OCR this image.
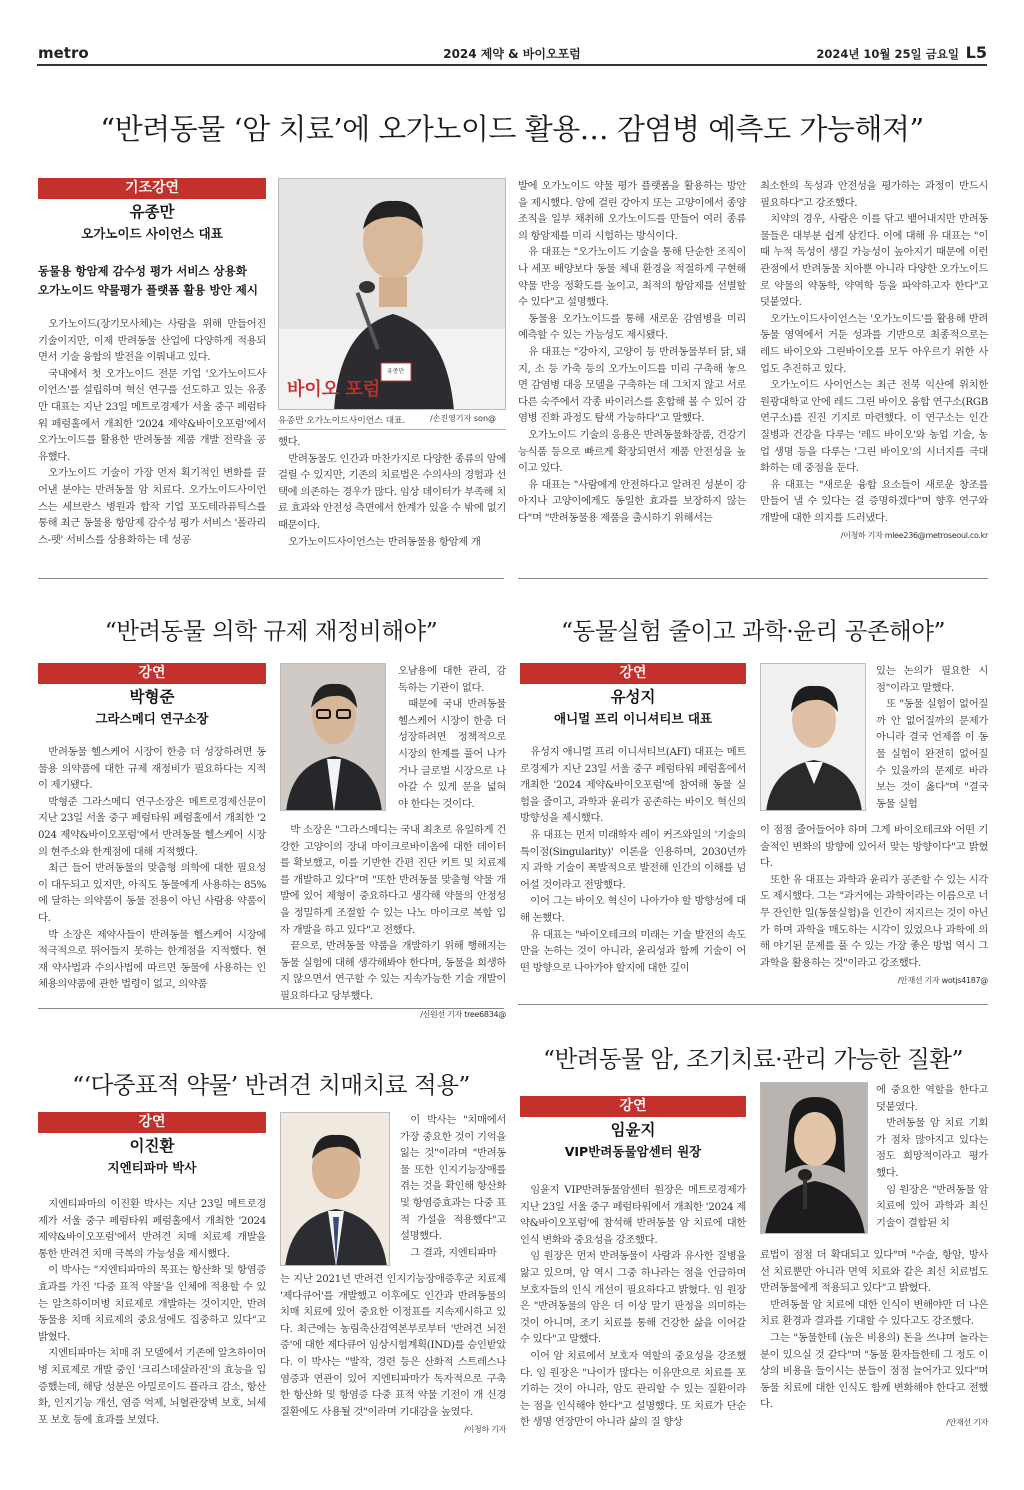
metro	2024 제약 & 바이오포럼	2024년 10월 25일 금요일 L5
“반려동물 ‘암 치료’에 오가노이드 활용… 감염병 예측도 가능해져”
기조강연
유종만
오가노이드 사이언스 대표
동물용 항암제 감수성 평가 서비스 상용화
오가노이드 약물평가 플랫폼 활용 방안 제시

오가노이드(장기모사체)는 사람을 위해 만들어진 기술이지만, 이제 반려동물 산업에 다양하게 적용되면서 기술 융합의 발전을 이뤄내고 있다.

국내에서 첫 오가노이드 전문 기업 '오가노이드사이언스'를 설립하며 혁신 연구를 선도하고 있는 유종만 대표는 지난 23일 메트로경제가 서울 중구 페럼타워 페럼홀에서 개최한 '2024 제약&바이오포럼'에서 오가노이드를 활용한 반려동물 제품 개발 전략을 공유했다.

오가노이드 기술이 가장 먼저 획기적인 변화를 끌어낸 분야는 반려동물 암 치료다. 오가노이드사이언스는 세브란스 병원과 합작 기업 포도테라퓨틱스를 통해 최근 동물용 항암제 감수성 평가 서비스 '폴라리스-펫' 서비스를 상용화하는 데 성공

유종만
바이오 포럼
유종만 오가노이드사이언스 대표.	/손진영기자 son@

했다.

반려동물도 인간과 마찬가지로 다양한 종류의 암에 걸릴 수 있지만, 기존의 치료법은 수의사의 경험과 선택에 의존하는 경우가 많다. 임상 데이터가 부족해 치료 효과와 안전성 측면에서 한계가 있을 수 밖에 없기 때문이다.

오가노이드사이언스는 반려동물용 항암제 개

발에 오가노이드 약물 평가 플랫폼을 활용하는 방안을 제시했다. 암에 걸린 강아지 또는 고양이에서 종양 조직을 일부 채취해 오가노이드를 만들어 여러 종류의 항암제를 미리 시험하는 방식이다.

유 대표는 "오가노이드 기술을 통해 단순한 조직이나 세포 배양보다 동물 체내 환경을 적절하게 구현해 약물 반응 정확도를 높이고, 최적의 항암제를 선별할 수 있다"고 설명했다.

동물용 오가노이드를 통해 새로운 감염병을 미리 예측할 수 있는 가능성도 제시됐다.

유 대표는 "강아지, 고양이 등 반려동물부터 닭, 돼지, 소 등 가축 등의 오가노이드를 미리 구축해 놓으면 감염병 대응 모델을 구축하는 데 그치지 않고 서로 다른 숙주에서 각종 바이러스를 혼합해 볼 수 있어 감염병 진화 과정도 탐색 가능하다"고 말했다.

오가노이드 기술의 응용은 반려동물화장품, 건강기능식품 등으로 빠르게 확장되면서 제품 안전성을 높이고 있다.

유 대표는 "사람에게 안전하다고 알려진 성분이 강아지나 고양이에게도 동일한 효과를 보장하지 않는다"며 "반려동물용 제품을 출시하기 위해서는

최소한의 독성과 안전성을 평가하는 과정이 반드시 필요하다"고 강조했다.

치약의 경우, 사람은 이를 닦고 뱉어내지만 반려동물들은 대부분 쉽게 삼킨다. 이에 대해 유 대표는 "이때 누적 독성이 생길 가능성이 높아지기 때문에 이런 관점에서 반려동물 치아뿐 아니라 다양한 오가노이드로 약물의 약동학, 약역학 등을 파악하고자 한다"고 덧붙였다.

오가노이드사이언스는 '오가노이드'를 활용해 반려동물 영역에서 거둔 성과를 기반으로 최종적으로는 레드 바이오와 그린바이오를 모두 아우르기 위한 사업도 추진하고 있다.

오가노이드 사이언스는 최근 전북 익산에 위치한 원광대학교 안에 레드 그린 바이오 융합 연구소(RGB 연구소)를 진진 기지로 마련했다. 이 연구소는 인간 질병과 건강을 다루는 '레드 바이오'와 농업 기술, 농업 생명 등을 다루는 '그린 바이오'의 시너지를 극대화하는 데 중점을 둔다.

유 대표는 "새로운 융합 요소들이 새로운 창조를 만들어 낼 수 있다는 걸 증명하겠다"며 향후 연구와 개발에 대한 의지를 드러냈다.

/이청하 기자 mlee236@metroseoul.co.kr
“반려동물 의학 규제 재정비해야”
강연
박형준
그라스메디 연구소장

반려동물 헬스케어 시장이 한층 더 성장하려면 동물용 의약품에 대한 규제 재정비가 필요하다는 지적이 제기됐다.

박형준 그라스메디 연구소장은 메트로경제신문이 지난 23일 서울 중구 페럼타워 페럼홀에서 개최한 '2024 제약&바이오포럼'에서 반려동물 헬스케어 시장의 현주소와 한계점에 대해 지적했다.

최근 들어 반려동물의 맞춤형 의학에 대한 필요성이 대두되고 있지만, 아직도 동물에게 사용하는 85%에 달하는 의약품이 동물 전용이 아닌 사람용 약품이다.

박 소장은 제약사들이 반려동물 헬스케어 시장에 적극적으로 뛰어들지 못하는 한계점을 지적했다. 현재 약사법과 수의사법에 따르면 동물에 사용하는 인체용의약품에 관한 법령이 없고, 의약품

오남용에 대한 관리, 감독하는 기관이 없다.

때문에 국내 반려동물 헬스케어 시장이 한층 더 성장하려면 정책적으로 시장의 한계를 풀어 나가거나 글로벌 시장으로 나아갈 수 있게 문을 넓혀야 한다는 것이다.

박 소장은 "그라스메디는 국내 최초로 유일하게 건강한 고양이의 장내 마이크로바이옴에 대한 데이터를 확보했고, 이를 기반한 간편 진단 키트 및 치료제를 개발하고 있다"며 "또한 반려동물 맞춤형 약물 개발에 있어 제형이 중요하다고 생각해 약물의 안정성을 정밀하게 조절할 수 있는 나노 마이크로 복합 입자 개발을 하고 있다"고 전했다.

끝으로, 반려동물 약품을 개발하기 위해 행해지는 동물 실험에 대해 생각해봐야 한다며, 동물을 희생하지 않으면서 연구할 수 있는 지속가능한 기술 개발이 필요하다고 당부했다.

/신원선 기자 tree6834@
“동물실험 줄이고 과학·윤리 공존해야”
강연
유성지
애니멀 프리 이니셔티브 대표

유성지 애니멀 프리 이니셔티브(AFI) 대표는 메트로경제가 지난 23일 서울 중구 페럼타워 페럼홀에서 개최한 '2024 제약&바이오포럼'에 참여해 동물 실험을 줄이고, 과학과 윤리가 공존하는 바이오 혁신의 방향성을 제시했다.

유 대표는 먼저 미래학자 레이 커즈와일의 '기술의 특이점(Singularity)' 이론을 인용하며, 2030년까지 과학 기술이 폭발적으로 발전해 인간의 이해를 넘어설 것이라고 전망했다.

이어 그는 바이오 혁신이 나아가야 할 방향성에 대해 논했다.

유 대표는 "바이오테크의 미래는 기술 발전의 속도만을 논하는 것이 아니라, 윤리성과 함께 기술이 어떤 방향으로 나아가야 할지에 대한 깊이

있는 논의가 필요한 시점"이라고 말했다.

또 "동물 실험이 없어질까 안 없어질까의 문제가 아니라 결국 언제쯤 이 동물 실험이 완전히 없어질 수 있을까의 문제로 바라보는 것이 옳다"며 "결국 동물 실험

이 점점 줄어들어야 하며 그게 바이오테크와 어떤 기술적인 변화의 방향에 있어서 맞는 방향이다"고 밝혔다.

또한 유 대표는 과학과 윤리가 공존할 수 있는 시각도 제시했다. 그는 "과거에는 과학이라는 이름으로 너무 잔인한 일(동물실험)을 인간이 저지르는 것이 아닌가 하며 과학을 매도하는 시각이 있었으나 과학에 의해 야기된 문제를 풀 수 있는 가장 좋은 방법 역시 그 과학을 활용하는 것"이라고 강조했다.

/안재선 기자 wotjs4187@
“‘다중표적 약물’ 반려견 치매치료 적용”
강연
이진환
지엔티파마 박사

지엔티파마의 이진환 박사는 지난 23일 메트로경제가 서울 중구 페럼타워 페럼홀에서 개최한 '2024 제약&바이오포럼'에서 반려견 치매 치료제 개발을 통한 반려견 치매 극복의 가능성을 제시했다.

이 박사는 "지엔티파마의 목표는 항산화 및 항염증 효과를 가진 '다중 표적 약물'을 인체에 적용할 수 있는 알츠하이머병 치료제로 개발하는 것이지만, 반려동물용 치매 치료제의 중요성에도 집중하고 있다"고 밝혔다.

지엔티파마는 치매 쥐 모델에서 기존에 알츠하이머병 치료제로 개발 중인 '크리스데살라진'의 효능을 입증했는데, 해당 성분은 아밀로이드 플라크 감소, 항산화, 인지기능 개선, 염증 억제, 뇌혈관장벽 보호, 뇌세포 보호 등에 효과를 보였다.

이 박사는 "치매에서 가장 중요한 것이 기억을 잃는 것"이라며 "반려동물 또한 인지기능장애를 겪는 것을 확인해 항산화 및 항염증효과는 다중 표적 가설을 적용했다"고 설명했다.

그 결과, 지엔티파마

는 지난 2021년 반려견 인지기능장애증후군 치료제 '제다큐어'를 개발했고 이후에도 인간과 반려동물의 치매 치료에 있어 중요한 이정표를 지속제시하고 있다. 최근에는 농림축산검역본부로부터 '반려견 뇌전증'에 대한 제다큐어 임상시험계획(IND)를 승인받았다. 이 박사는 "발작, 경련 등은 산화적 스트레스나 염증과 연관이 있어 지엔티파마가 독자적으로 구축한 항산화 및 항염증 다중 표적 약물 기전이 개 신경질환에도 사용될 것"이라며 기대감을 높였다.

/이청하 기자
“반려동물 암, 조기치료·관리 가능한 질환”
강연
임윤지
VIP반려동물암센터 원장

임윤지 VIP반려동물암센터 원장은 메트로경제가 지난 23일 서울 중구 페럼타워에서 개최한 '2024 제약&바이오포럼'에 참석해 반려동물 암 치료에 대한 인식 변화와 중요성을 강조했다.

임 원장은 먼저 반려동물이 사람과 유사한 질병을 앓고 있으며, 암 역시 그중 하나라는 점을 언급하며 보호자들의 인식 개선이 필요하다고 밝혔다. 임 원장은 "반려동물의 암은 더 이상 말기 판정을 의미하는 것이 아니며, 조기 치료를 통해 건강한 삶을 이어갈 수 있다"고 말했다.

이어 암 치료에서 보호자 역할의 중요성을 강조했다. 임 원장은 "나이가 많다는 이유만으로 치료를 포기하는 것이 아니라, 암도 관리할 수 있는 질환이라는 점을 인식해야 한다"고 설명했다. 또 치료가 단순한 생명 연장만이 아니라 삶의 질 향상

에 중요한 역할을 한다고 덧붙였다.

반려동물 암 치료 기회가 점차 많아지고 있다는 점도 희망적이라고 평가했다.

임 원장은 "반려동물 암 치료에 있어 과학과 최신 기술이 결합된 치

료법이 점점 더 확대되고 있다"며 "수술, 항암, 방사선 치료뿐만 아니라 면역 치료와 같은 최신 치료법도 반려동물에게 적용되고 있다"고 밝혔다.

반려동물 암 치료에 대한 인식이 변해야만 더 나은 치료 환경과 결과를 기대할 수 있다고도 강조했다.

그는 "동물한테 (높은 비용의) 돈을 쓰냐며 놀라는 분이 있으실 것 같다"며 "동물 환자들한테 그 정도 이상의 비용을 들이시는 분들이 점점 늘어가고 있다"며 동물 치료에 대한 인식도 함께 변화해야 한다고 전했다.

/안재선 기자
